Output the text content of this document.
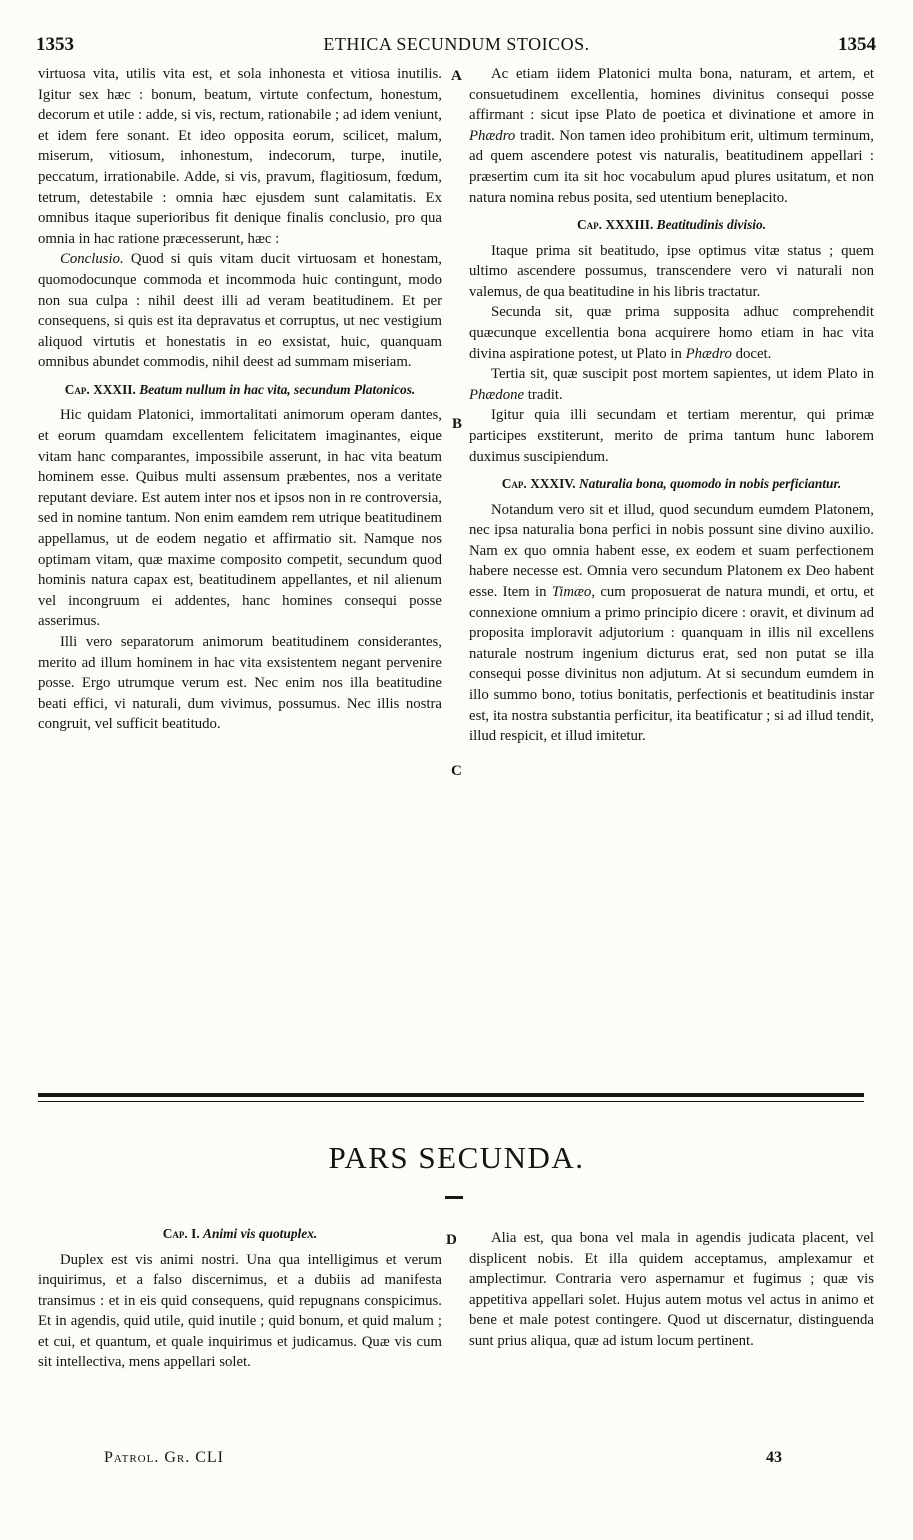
1353	ETHICA SECUNDUM STOICOS.	1354
A
B
C
D

virtuosa vita, utilis vita est, et sola inhonesta et vitiosa inutilis. Igitur sex hæc : bonum, beatum, virtute confectum, honestum, decorum et utile : adde, si vis, rectum, rationabile ; ad idem veniunt, et idem fere sonant. Et ideo opposita eorum, scilicet, malum, miserum, vitiosum, inhonestum, indecorum, turpe, inutile, peccatum, irrationabile. Adde, si vis, pravum, flagitiosum, fœdum, tetrum, detestabile : omnia hæc ejusdem sunt calamitatis. Ex omnibus itaque superioribus fit denique finalis conclusio, pro qua omnia in hac ratione præcesserunt, hæc :

Conclusio. Quod si quis vitam ducit virtuosam et honestam, quomodocunque commoda et incommoda huic contingunt, modo non sua culpa : nihil deest illi ad veram beatitudinem. Et per consequens, si quis est ita depravatus et corruptus, ut nec vestigium aliquod virtutis et honestatis in eo exsistat, huic, quanquam omnibus abundet commodis, nihil deest ad summam miseriam.

Cap. XXXII. Beatum nullum in hac vita, secundum Platonicos.

Hic quidam Platonici, immortalitati animorum operam dantes, et eorum quamdam excellentem felicitatem imaginantes, eique vitam hanc comparantes, impossibile asserunt, in hac vita beatum hominem esse. Quibus multi assensum præbentes, nos a veritate reputant deviare. Est autem inter nos et ipsos non in re controversia, sed in nomine tantum. Non enim eamdem rem utrique beatitudinem appellamus, ut de eodem negatio et affirmatio sit. Namque nos optimam vitam, quæ maxime composito competit, secundum quod hominis natura capax est, beatitudinem appellantes, et nil alienum vel incongruum ei addentes, hanc homines consequi posse asserimus.

Illi vero separatorum animorum beatitudinem considerantes, merito ad illum hominem in hac vita exsistentem negant pervenire posse. Ergo utrumque verum est. Nec enim nos illa beatitudine beati effici, vi naturali, dum vivimus, possumus. Nec illis nostra congruit, vel sufficit beatitudo.

Ac etiam iidem Platonici multa bona, naturam, et artem, et consuetudinem excellentia, homines divinitus consequi posse affirmant : sicut ipse Plato de poetica et divinatione et amore in Phædro tradit. Non tamen ideo prohibitum erit, ultimum terminum, ad quem ascendere potest vis naturalis, beatitudinem appellari : præsertim cum ita sit hoc vocabulum apud plures usitatum, et non natura nomina rebus posita, sed utentium beneplacito.

Cap. XXXIII. Beatitudinis divisio.

Itaque prima sit beatitudo, ipse optimus vitæ status ; quem ultimo ascendere possumus, transcendere vero vi naturali non valemus, de qua beatitudine in his libris tractatur.

Secunda sit, quæ prima supposita adhuc comprehendit quæcunque excellentia bona acquirere homo etiam in hac vita divina aspiratione potest, ut Plato in Phædro docet.

Tertia sit, quæ suscipit post mortem sapientes, ut idem Plato in Phædone tradit.

Igitur quia illi secundam et tertiam merentur, qui primæ participes exstiterunt, merito de prima tantum hunc laborem duximus suscipiendum.

Cap. XXXIV. Naturalia bona, quomodo in nobis perficiantur.

Notandum vero sit et illud, quod secundum eumdem Platonem, nec ipsa naturalia bona perfici in nobis possunt sine divino auxilio. Nam ex quo omnia habent esse, ex eodem et suam perfectionem habere necesse est. Omnia vero secundum Platonem ex Deo habent esse. Item in Timæo, cum proposuerat de natura mundi, et ortu, et connexione omnium a primo principio dicere : oravit, et divinum ad proposita imploravit adjutorium : quanquam in illis nil excellens naturale nostrum ingenium dicturus erat, sed non putat se illa consequi posse divinitus non adjutum. At si secundum eumdem in illo summo bono, totius bonitatis, perfectionis et beatitudinis instar est, ita nostra substantia perficitur, ita beatificatur ; si ad illud tendit, illud respicit, et illud imitetur.

PARS SECUNDA.
Cap. I. Animi vis quotuplex.

Duplex est vis animi nostri. Una qua intelligimus et verum inquirimus, et a falso discernimus, et a dubiis ad manifesta transimus : et in eis quid consequens, quid repugnans conspicimus. Et in agendis, quid utile, quid inutile ; quid bonum, et quid malum ; et cui, et quantum, et quale inquirimus et judicamus. Quæ vis cum sit intellectiva, mens appellari solet.

Alia est, qua bona vel mala in agendis judicata placent, vel displicent nobis. Et illa quidem acceptamus, amplexamur et amplectimur. Contraria vero aspernamur et fugimus ; quæ vis appetitiva appellari solet. Hujus autem motus vel actus in animo et bene et male potest contingere. Quod ut discernatur, distinguenda sunt prius aliqua, quæ ad istum locum pertinent.

Patrol. Gr. CLI	43
